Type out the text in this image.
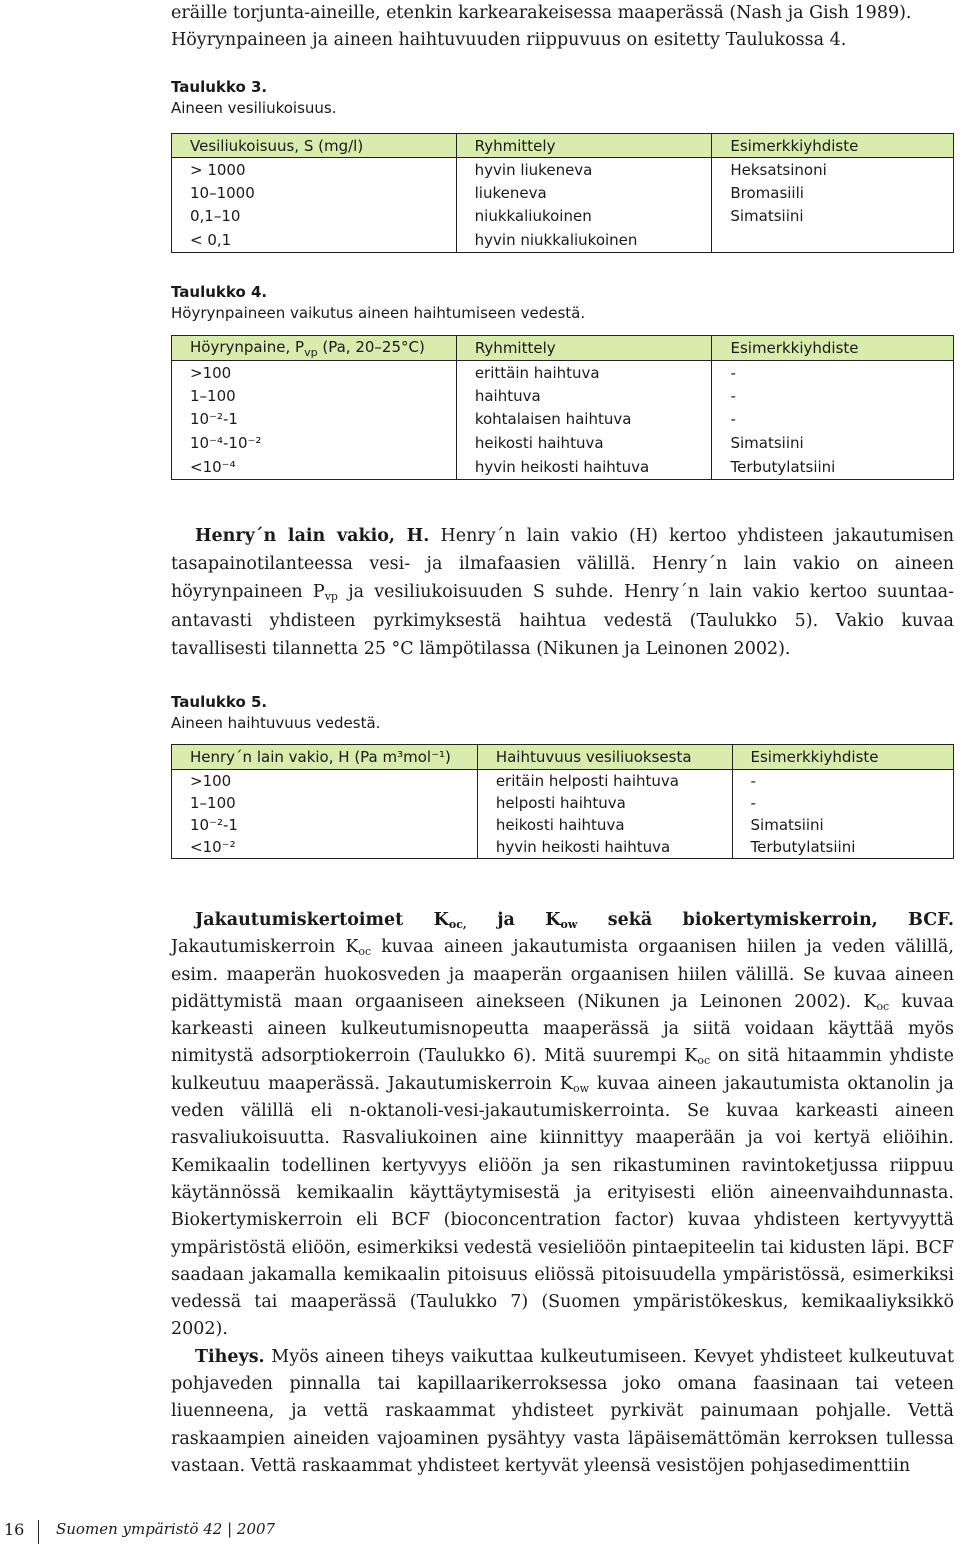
eräille torjunta-aineille, etenkin karkearakeisessa maaperässä (Nash ja Gish 1989).

Höyrynpaineen ja aineen haihtuvuuden riippuvuus on esitetty Taulukossa 4.

Taulukko 3.
Aineen vesiliukoisuus.
Vesiliukoisuus, S (mg/l)	Ryhmittely	Esimerkkiyhdiste
> 1000	hyvin liukeneva	Heksatsinoni
10–1000	liukeneva	Bromasiili
0,1–10	niukkaliukoinen	Simatsiini
< 0,1	hyvin niukkaliukoinen	
Taulukko 4.
Höyrynpaineen vaikutus aineen haihtumiseen vedestä.
Höyrynpaine, $P_{vp}$ (Pa, 20–25°C)	Ryhmittely	Esimerkkiyhdiste
>100	erittäin haihtuva	-
1–100	haihtuva	-
10⁻²-1	kohtalaisen haihtuva	-
10⁻⁴-10⁻²	heikosti haihtuva	Simatsiini
<10⁻⁴	hyvin heikosti haihtuva	Terbutylatsiini

Henry´n lain vakio, H. Henry´n lain vakio (H) kertoo yhdisteen jakautumisen tasapainotilanteessa vesi- ja ilmafaasien välillä. Henry´n lain vakio on aineen höyrynpaineen $P_{vp}$ ja vesiliukoisuuden S suhde. Henry´n lain vakio kertoo suuntaa-antavasti yhdisteen pyrkimyksestä haihtua vedestä (Taulukko 5). Vakio kuvaa tavallisesti tilannetta 25 °C lämpötilassa (Nikunen ja Leinonen 2002).

Taulukko 5.
Aineen haihtuvuus vedestä.
Henry´n lain vakio, H (Pa m³mol⁻¹)	Haihtuvuus vesiliuoksesta	Esimerkkiyhdiste
>100	eritäin helposti haihtuva	-
1–100	helposti haihtuva	-
10⁻²-1	heikosti haihtuva	Simatsiini
<10⁻²	hyvin heikosti haihtuva	Terbutylatsiini

Jakautumiskertoimet $K_{oc,}$ ja $K_{ow}$ sekä biokertymiskerroin, BCF. Jakautumiskerroin $K_{oc}$ kuvaa aineen jakautumista orgaanisen hiilen ja veden välillä, esim. maaperän huokosveden ja maaperän orgaanisen hiilen välillä. Se kuvaa aineen pidättymistä maan orgaaniseen ainekseen (Nikunen ja Leinonen 2002). $K_{oc}$ kuvaa karkeasti aineen kulkeutumisnopeutta maaperässä ja siitä voidaan käyttää myös nimitystä adsorptiokerroin (Taulukko 6). Mitä suurempi $K_{oc}$ on sitä hitaammin yhdiste kulkeutuu maaperässä. Jakautumiskerroin $K_{ow}$ kuvaa aineen jakautumista oktanolin ja veden välillä eli n-oktanoli-vesi-jakautumiskerrointa. Se kuvaa karkeasti aineen rasvaliukoisuutta. Rasvaliukoinen aine kiinnittyy maaperään ja voi kertyä eliöihin. Kemikaalin todellinen kertyvyys eliöön ja sen rikastuminen ravintoketjussa riippuu käytännössä kemikaalin käyttäytymisestä ja erityisesti eliön aineenvaihdunnasta. Biokertymiskerroin eli BCF (bioconcentration factor) kuvaa yhdisteen kertyvyyttä ympäristöstä eliöön, esimerkiksi vedestä vesieliöön pintaepiteelin tai kidusten läpi. BCF saadaan jakamalla kemikaalin pitoisuus eliössä pitoisuudella ympäristössä, esimerkiksi vedessä tai maaperässä (Taulukko 7) (Suomen ympäristökeskus, kemikaaliyksikkö 2002).

Tiheys. Myös aineen tiheys vaikuttaa kulkeutumiseen. Kevyet yhdisteet kulkeutuvat pohjaveden pinnalla tai kapillaarikerroksessa joko omana faasinaan tai veteen liuenneena, ja vettä raskaammat yhdisteet pyrkivät painumaan pohjalle. Vettä raskaampien aineiden vajoaminen pysähtyy vasta läpäisemättömän kerroksen tullessa vastaan. Vettä raskaammat yhdisteet kertyvät yleensä vesistöjen pohjasedimenttiin

16 Suomen ympäristö 42 | 2007
